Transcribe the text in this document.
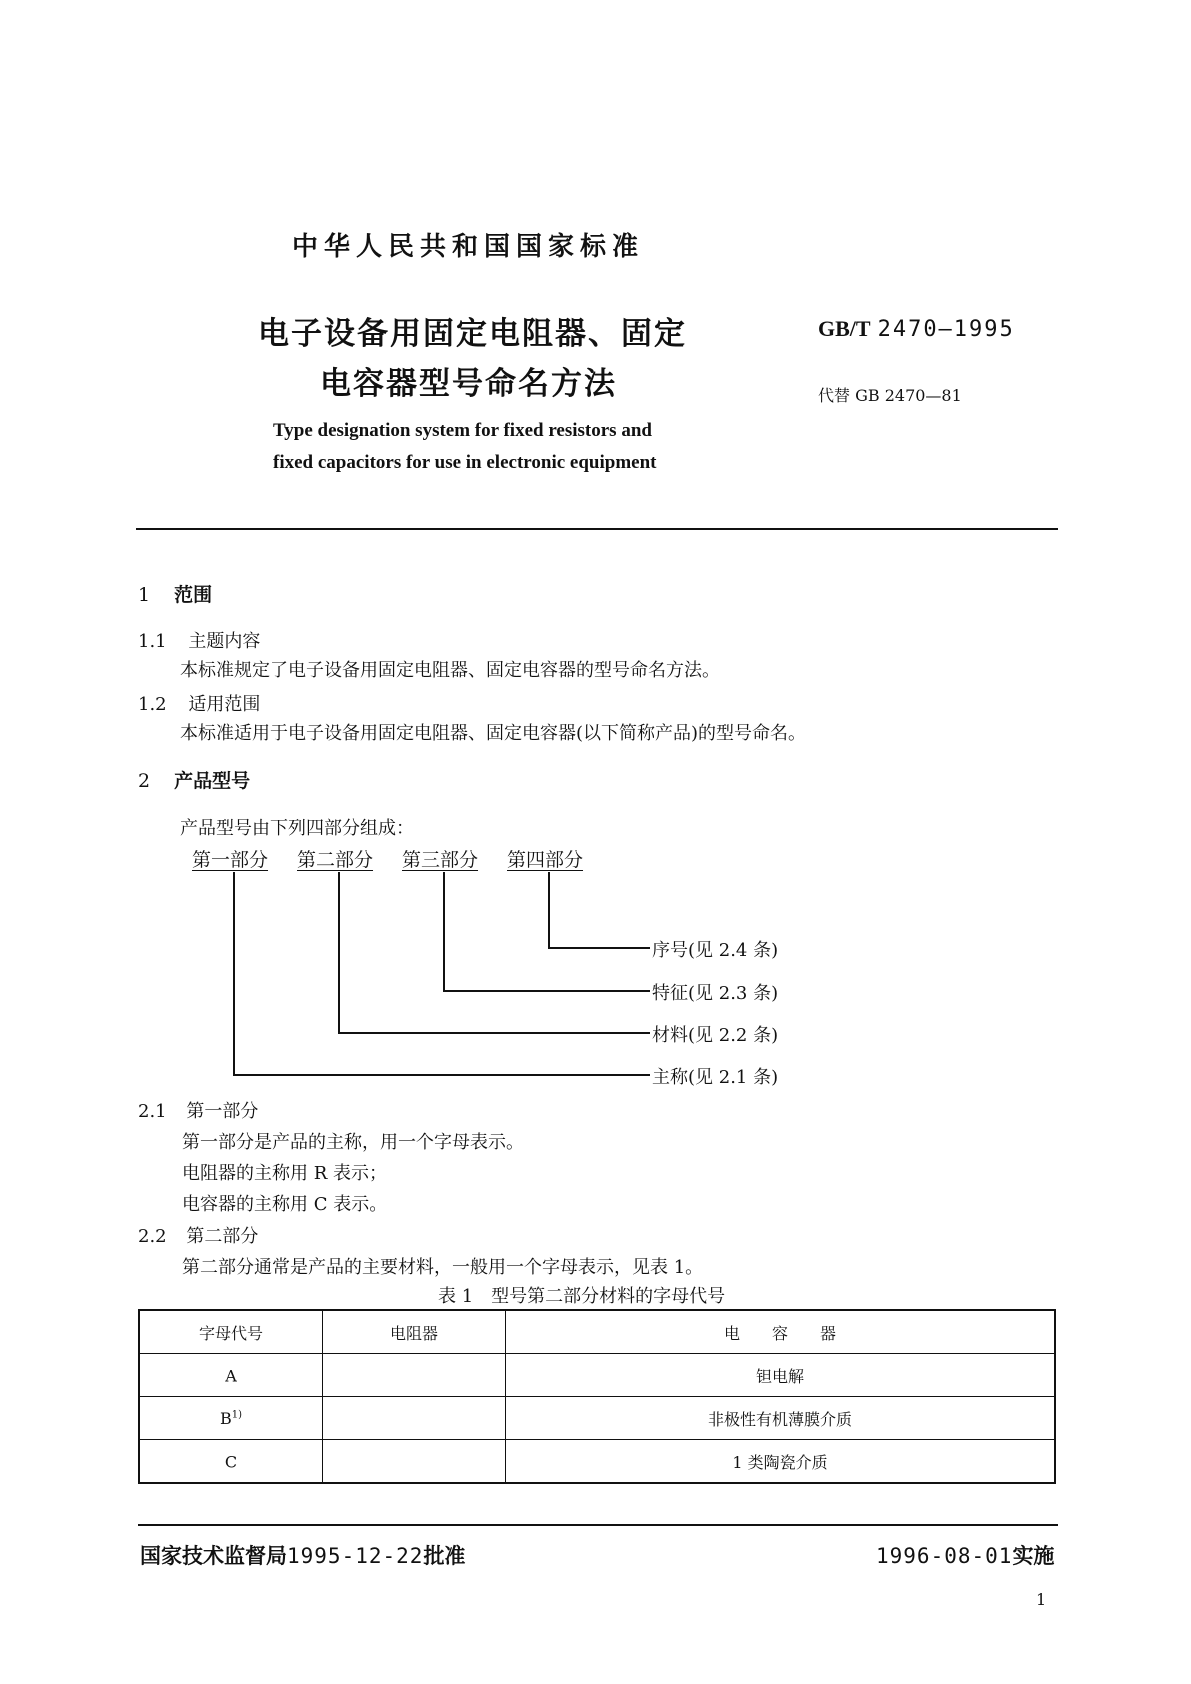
中华人民共和国国家标准
电子设备用固定电阻器、固定
电容器型号命名方法
GB/T 2470—1995
代替 GB 2470—81
Type designation system for fixed resistors and
fixed capacitors for use in electronic equipment
1 范围
1.1 主题内容
本标准规定了电子设备用固定电阻器、固定电容器的型号命名方法。
1.2 适用范围
本标准适用于电子设备用固定电阻器、固定电容器(以下简称产品)的型号命名。
2 产品型号
产品型号由下列四部分组成：
第一部分 第二部分 第三部分 第四部分
序号(见 2.4 条)
特征(见 2.3 条)
材料(见 2.2 条)
主称(见 2.1 条)
2.1 第一部分
第一部分是产品的主称，用一个字母表示。
电阻器的主称用 R 表示；
电容器的主称用 C 表示。
2.2 第二部分
第二部分通常是产品的主要材料，一般用一个字母表示，见表 1。
表 1　型号第二部分材料的字母代号
字母代号	电阻器	电　　容　　器
A		钽电解
$B^{1)}$		非极性有机薄膜介质
C		1 类陶瓷介质
国家技术监督局1995-12-22批准	1996-08-01实施
1
